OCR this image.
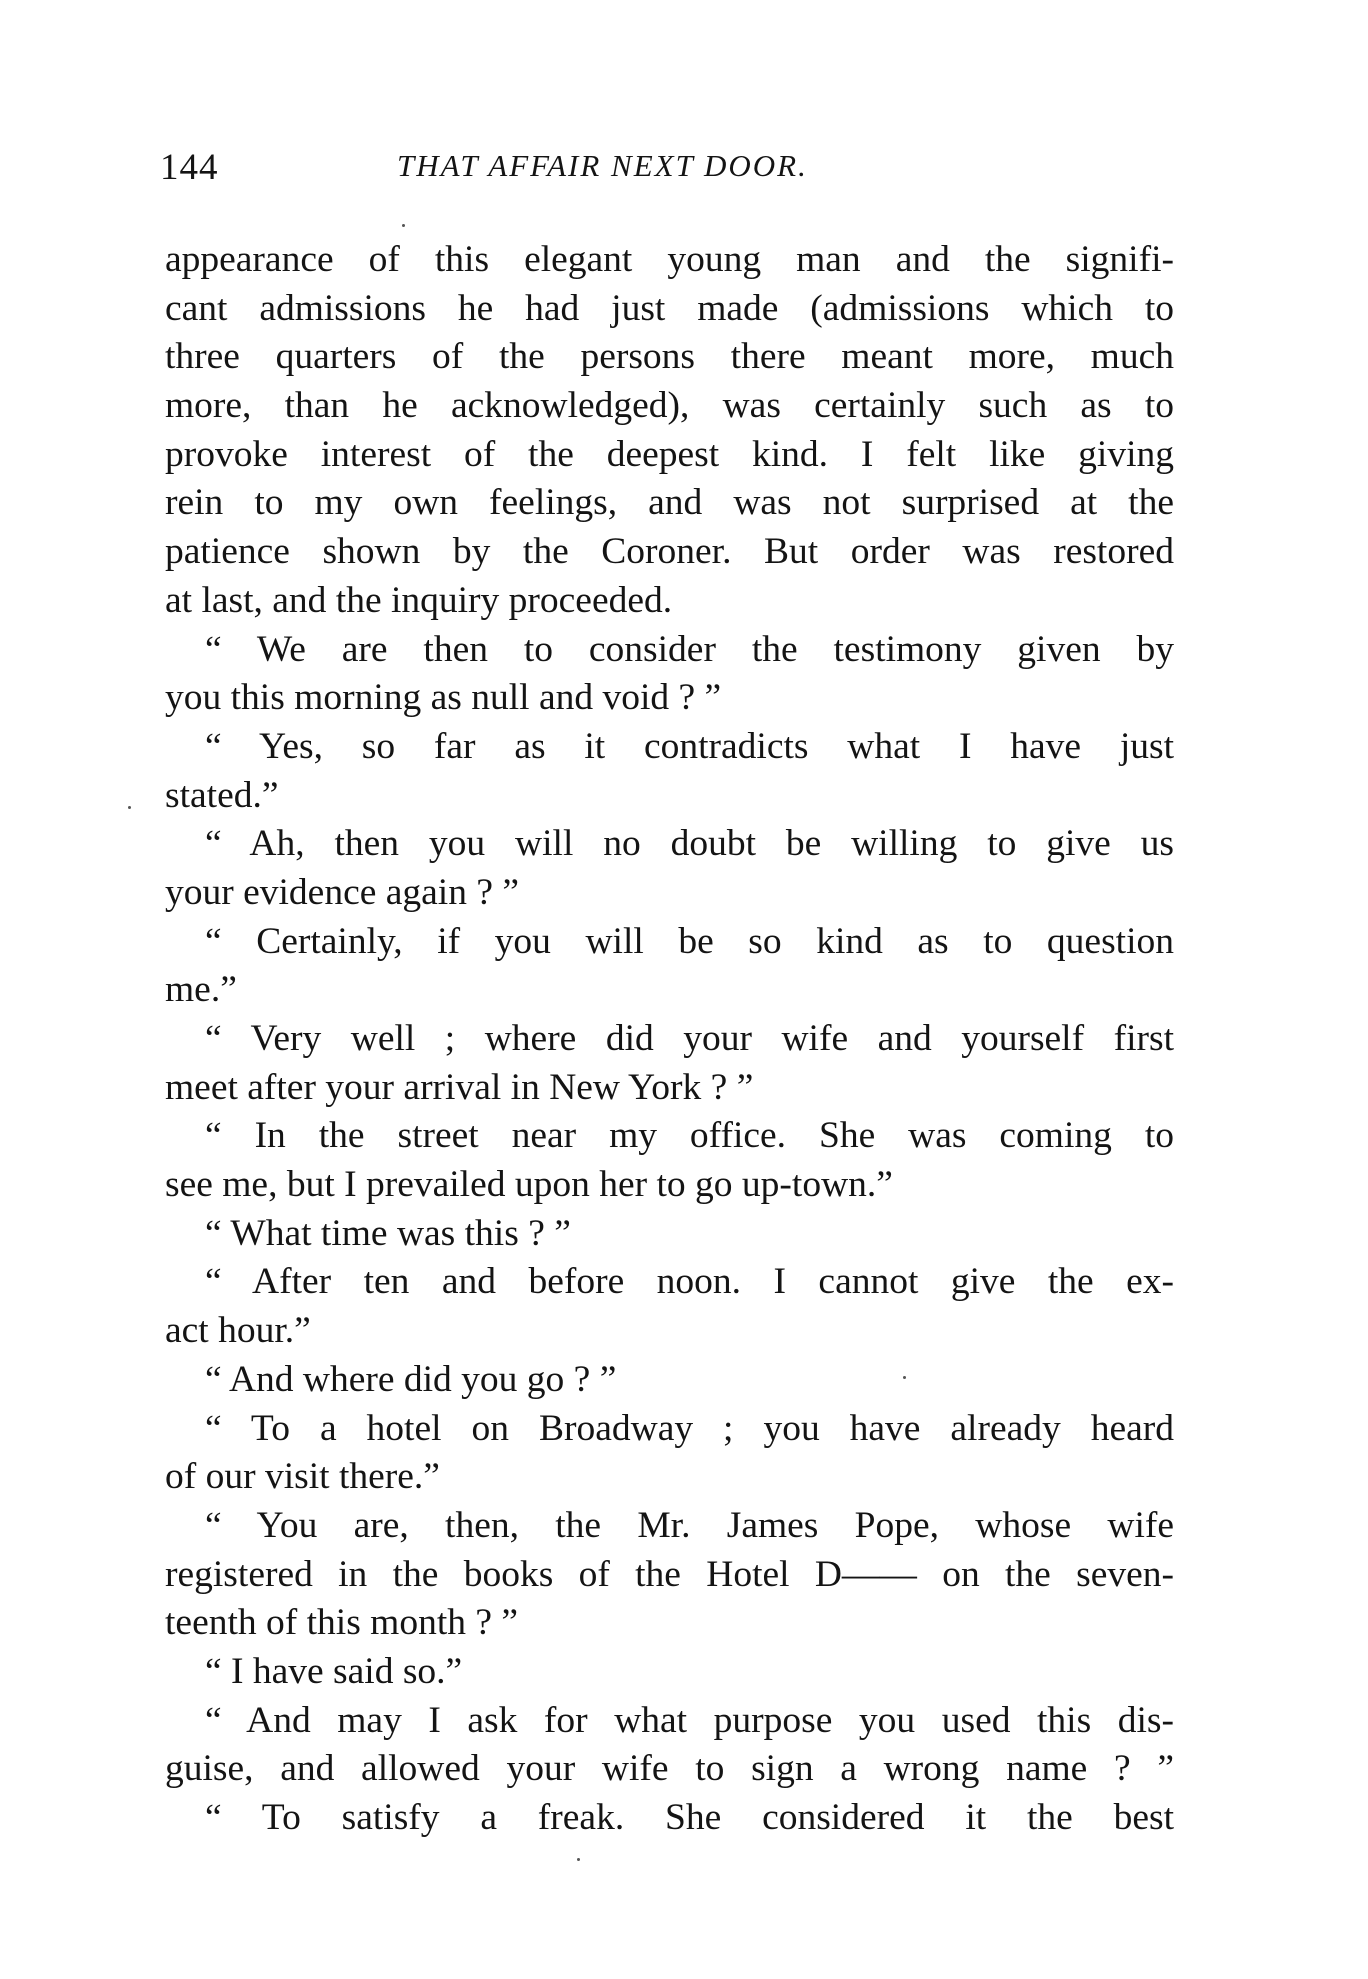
144	THAT AFFAIR NEXT DOOR.
appearance of this elegant young man and the signifi-
cant admissions he had just made (admissions which to
three quarters of the persons there meant more, much
more, than he acknowledged), was certainly such as to
provoke interest of the deepest kind. I felt like giving
rein to my own feelings, and was not surprised at the
patience shown by the Coroner. But order was restored
at last, and the inquiry proceeded.
“ We are then to consider the testimony given by
you this morning as null and void ? ”
“ Yes, so far as it contradicts what I have just
stated.”
“ Ah, then you will no doubt be willing to give us
your evidence again ? ”
“ Certainly, if you will be so kind as to question
me.”
“ Very well ; where did your wife and yourself first
meet after your arrival in New York ? ”
“ In the street near my office. She was coming to
see me, but I prevailed upon her to go up-town.”
“ What time was this ? ”
“ After ten and before noon. I cannot give the ex-
act hour.”
“ And where did you go ? ”
“ To a hotel on Broadway ; you have already heard
of our visit there.”
“ You are, then, the Mr. James Pope, whose wife
registered in the books of the Hotel D—— on the seven-
teenth of this month ? ”
“ I have said so.”
“ And may I ask for what purpose you used this dis-
guise, and allowed your wife to sign a wrong name ? ”
“ To satisfy a freak. She considered it the best
